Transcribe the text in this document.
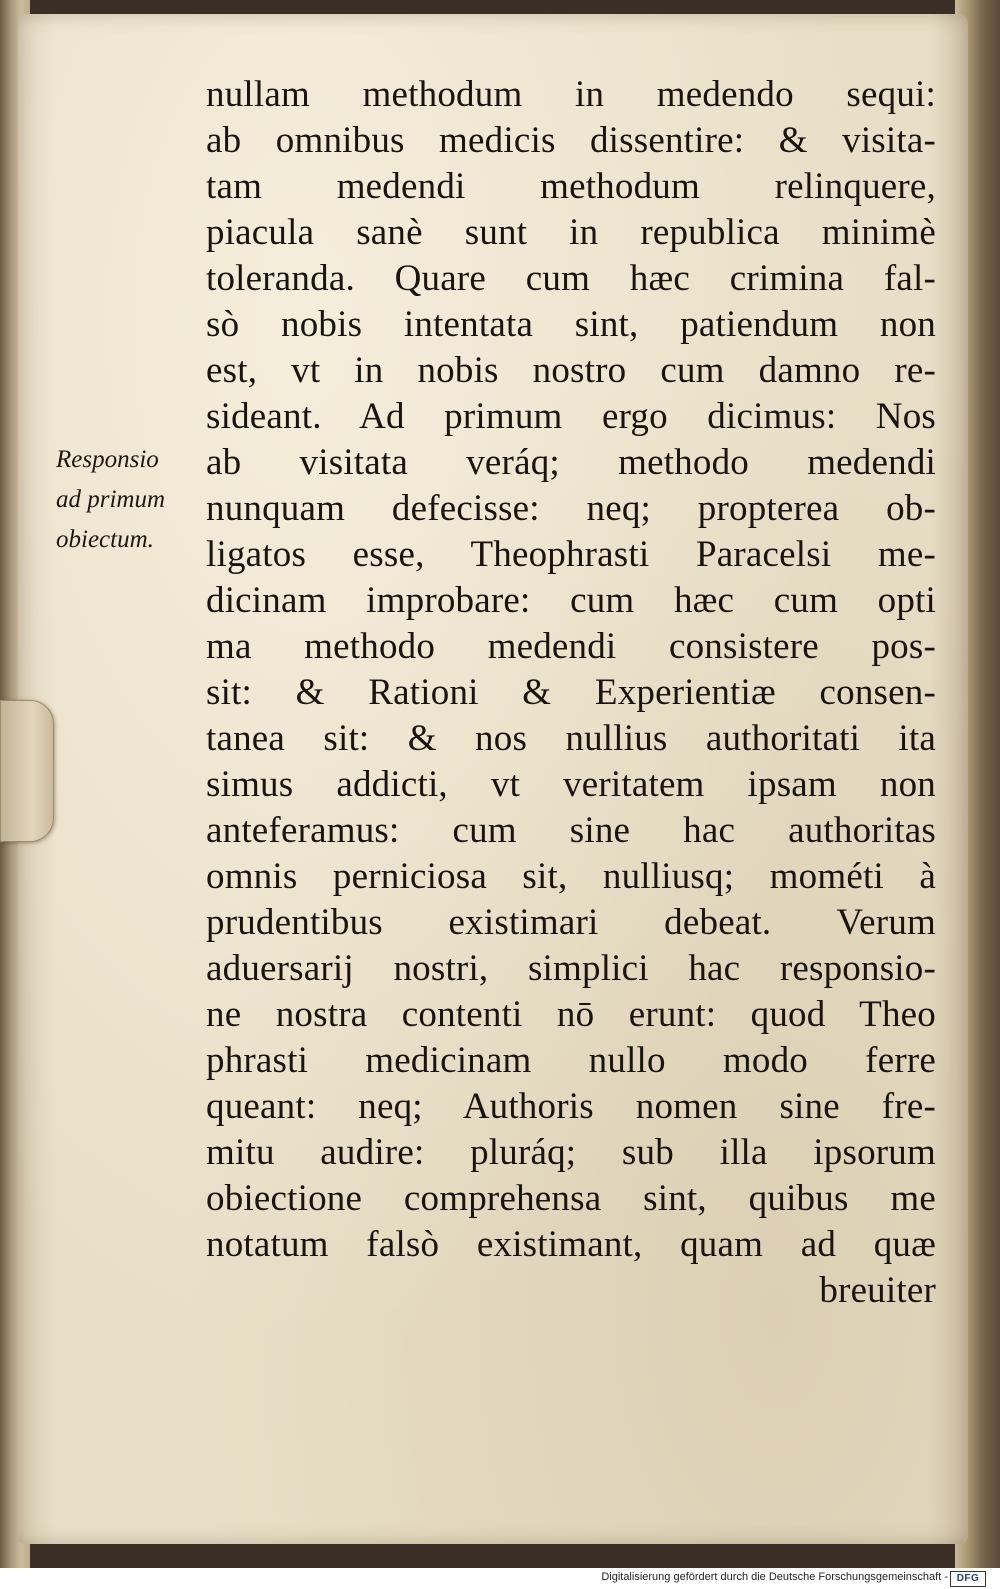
Responsio
ad primum
obiectum.
nullam methodum in medendo sequi:
ab omnibus medicis dissentire: & visita-
tam medendi methodum relinquere,
piacula sanè sunt in republica minimè
toleranda. Quare cum hæc crimina fal-
sò nobis intentata sint, patiendum non
est, vt in nobis nostro cum damno re-
sideant. Ad primum ergo dicimus: Nos
ab visitata veráq; methodo medendi
nunquam defecisse: neq; propterea ob-
ligatos esse, Theophrasti Paracelsi me-
dicinam improbare: cum hæc cum opti
ma methodo medendi consistere pos-
sit: & Rationi & Experientiæ consen-
tanea sit: & nos nullius authoritati ita
simus addicti, vt veritatem ipsam non
anteferamus: cum sine hac authoritas
omnis perniciosa sit, nulliusq; mométi à
prudentibus existimari debeat. Verum
aduersarij nostri, simplici hac responsio-
ne nostra contenti nō erunt: quod Theo
phrasti medicinam nullo modo ferre
queant: neq; Authoris nomen sine fre-
mitu audire: pluráq; sub illa ipsorum
obiectione comprehensa sint, quibus me
notatum falsò existimant, quam ad quæ
breuiter
Digitalisierung gefördert durch die Deutsche Forschungsgemeinschaft - DFG
